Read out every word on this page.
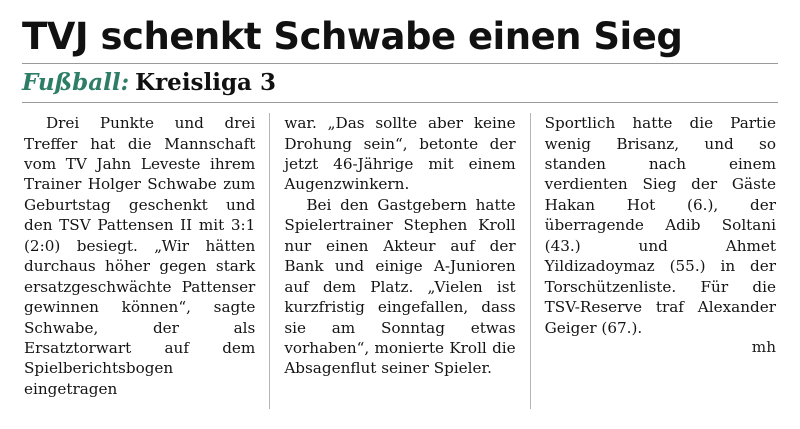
TVJ schenkt Schwabe einen Sieg
Fußball: Kreisliga 3

Drei Punkte und drei Treffer hat die Mannschaft vom TV Jahn Leveste ihrem Trainer Holger Schwabe zum Geburtstag geschenkt und den TSV Pattensen II mit 3:1 (2:0) besiegt. „Wir hätten durchaus höher gegen stark ersatzgeschwächte Pattenser gewinnen können“, sagte Schwabe, der als Ersatztorwart auf dem Spielberichtsbogen eingetragen

war. „Das sollte aber keine Drohung sein“, betonte der jetzt 46-Jährige mit einem Augenzwinkern.

Bei den Gastgebern hatte Spielertrainer Stephen Kroll nur einen Akteur auf der Bank und einige A-Junioren auf dem Platz. „Vielen ist kurzfristig eingefallen, dass sie am Sonntag etwas vorhaben“, monierte Kroll die Absagenflut seiner Spieler.

Sportlich hatte die Partie wenig Brisanz, und so standen nach einem verdienten Sieg der Gäste Hakan Hot (6.), der überragende Adib Soltani (43.) und Ahmet Yildizadoymaz (55.) in der Torschützenliste. Für die TSV-Reserve traf Alexander Geiger (67.).

mh
